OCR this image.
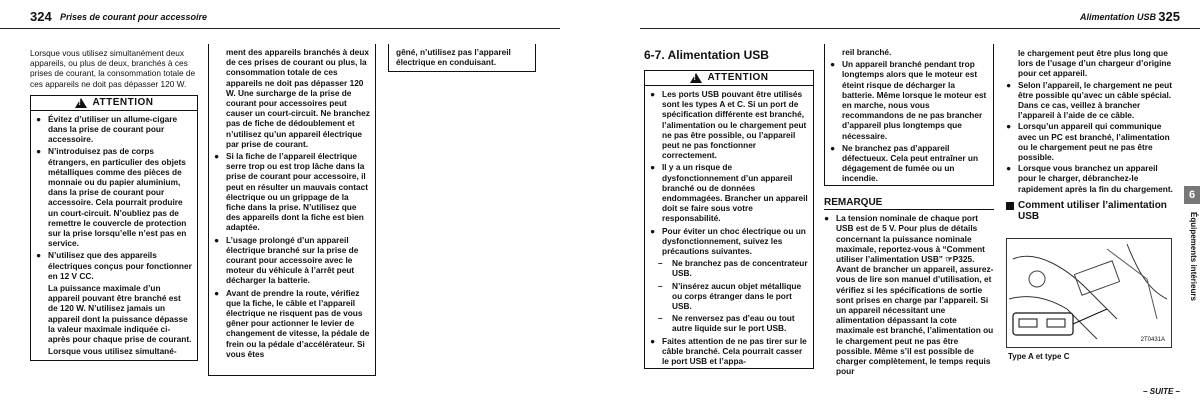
324 Prises de courant pour accessoire

Lorsque vous utilisez simultanément deux appareils, ou plus de deux, branchés à ces prises de courant, la consommation totale de ces appareils ne doit pas dépasser 120 W.

!
ATTENTION
● Évitez d’utiliser un allume-cigare dans la prise de courant pour accessoire.
● N’introduisez pas de corps étrangers, en particulier des objets métalliques comme des pièces de monnaie ou du papier aluminium, dans la prise de courant pour accessoire. Cela pourrait produire un court-circuit. N’oubliez pas de remettre le couvercle de protection sur la prise lorsqu’elle n’est pas en service.
● N’utilisez que des appareils électriques conçus pour fonctionner en 12 V CC.

La puissance maximale d’un appareil pouvant être branché est de 120 W. N’utilisez jamais un appareil dont la puissance dépasse la valeur maximale indiquée ci-après pour chaque prise de courant.

Lorsque vous utilisez simultané-

ment des appareils branchés à deux de ces prises de courant ou plus, la consommation totale de ces appareils ne doit pas dépasser 120 W. Une surcharge de la prise de courant pour accessoires peut causer un court-circuit. Ne branchez pas de fiche de dédoublement et n’utilisez qu’un appareil électrique par prise de courant.

● Si la fiche de l’appareil électrique serre trop ou est trop lâche dans la prise de courant pour accessoire, il peut en résulter un mauvais contact électrique ou un grippage de la fiche dans la prise. N’utilisez que des appareils dont la fiche est bien adaptée.
● L’usage prolongé d’un appareil électrique branché sur la prise de courant pour accessoire avec le moteur du véhicule à l’arrêt peut décharger la batterie.
● Avant de prendre la route, vérifiez que la fiche, le câble et l’appareil électrique ne risquent pas de vous gêner pour actionner le levier de changement de vitesse, la pédale de frein ou la pédale d’accélérateur. Si vous êtes

gêné, n’utilisez pas l’appareil électrique en conduisant.

Alimentation USB 325
6-7. Alimentation USB
!
ATTENTION
● Les ports USB pouvant être utilisés sont les types A et C. Si un port de spécification différente est branché, l’alimentation ou le chargement peut ne pas être possible, ou l’appareil peut ne pas fonctionner correctement.
● Il y a un risque de dysfonctionnement d’un appareil branché ou de données endommagées. Brancher un appareil doit se faire sous votre responsabilité.
● Pour éviter un choc électrique ou un dysfonctionnement, suivez les précautions suivantes.
–	Ne branchez pas de concentrateur USB.
–	N’insérez aucun objet métallique ou corps étranger dans le port USB.
–	Ne renversez pas d’eau ou tout autre liquide sur le port USB.
● Faites attention de ne pas tirer sur le câble branché. Cela pourrait casser le port USB et l’appa-

reil branché.

● Un appareil branché pendant trop longtemps alors que le moteur est éteint risque de décharger la batterie. Même lorsque le moteur est en marche, nous vous recommandons de ne pas brancher d’appareil plus longtemps que nécessaire.
● Ne branchez pas d’appareil défectueux. Cela peut entraîner un dégagement de fumée ou un incendie.
REMARQUE
● La tension nominale de chaque port USB est de 5 V. Pour plus de détails concernant la puissance nominale maximale, reportez-vous à “Comment utiliser l’alimentation USB” ☞P325. Avant de brancher un appareil, assurez-vous de lire son manuel d’utilisation, et vérifiez si les spécifications de sortie sont prises en charge par l’appareil. Si un appareil nécessitant une alimentation dépassant la cote maximale est branché, l’alimentation ou le chargement peut ne pas être possible. Même s’il est possible de charger complètement, le temps requis pour

le chargement peut être plus long que lors de l’usage d’un chargeur d’origine pour cet appareil.

● Selon l’appareil, le chargement ne peut être possible qu’avec un câble spécial. Dans ce cas, veillez à brancher l’appareil à l’aide de ce câble.
● Lorsqu’un appareil qui communique avec un PC est branché, l’alimentation ou le chargement peut ne pas être possible.
● Lorsque vous branchez un appareil pour le charger, débranchez-le rapidement après la fin du chargement.
Comment utiliser l’alimentation USB
2T0431A
Type A et type C
6
Équipements intérieurs
– SUITE –
